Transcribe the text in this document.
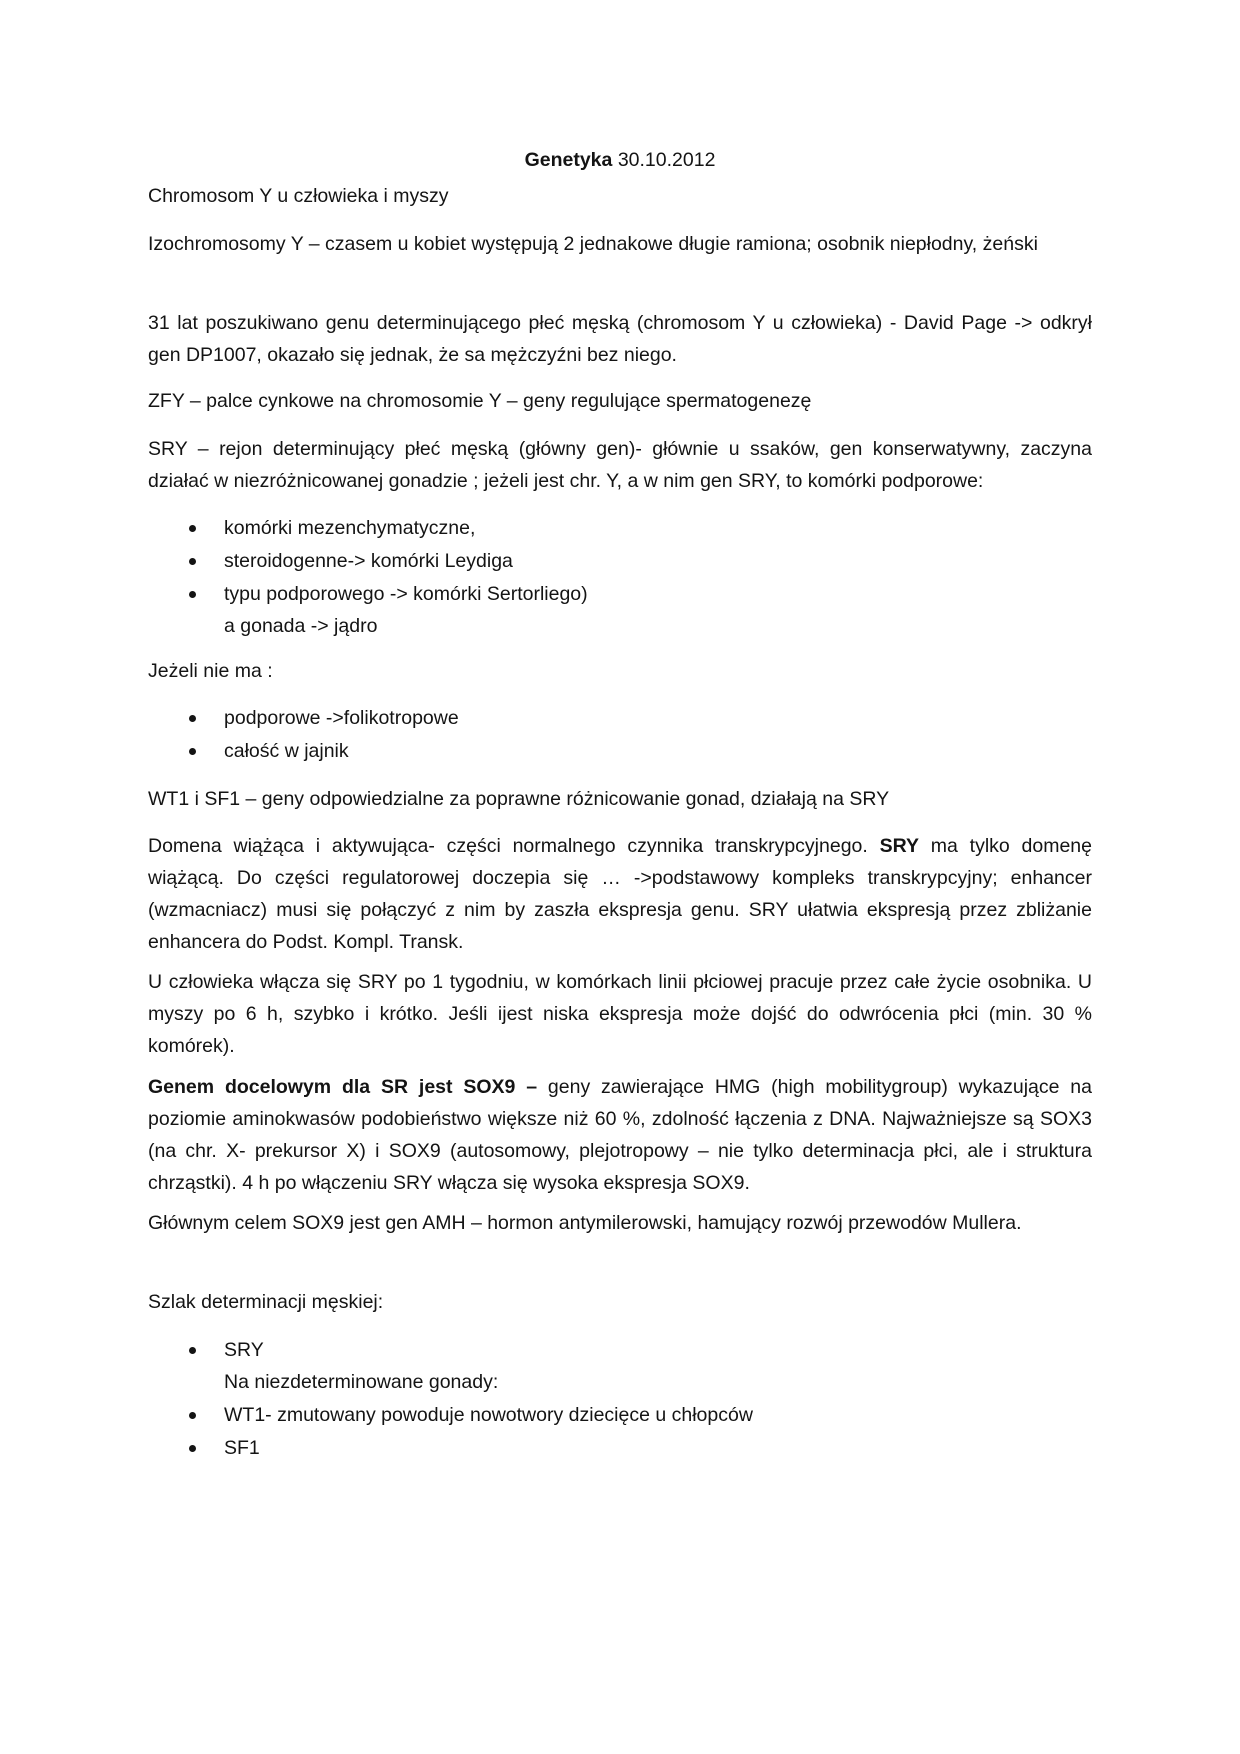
Genetyka 30.10.2012

Chromosom Y u człowieka i myszy

Izochromosomy Y – czasem u kobiet występują 2 jednakowe długie ramiona; osobnik niepłodny, żeński

31 lat poszukiwano genu determinującego płeć męską (chromosom Y u człowieka) - David Page -> odkrył gen DP1007, okazało się jednak, że sa mężczyźni bez niego.

ZFY – palce cynkowe na chromosomie Y – geny regulujące spermatogenezę

SRY – rejon determinujący płeć męską (główny gen)- głównie u ssaków, gen konserwatywny, zaczyna działać w niezróżnicowanej gonadzie ; jeżeli jest chr. Y, a w nim gen SRY, to komórki podporowe:

komórki mezenchymatyczne,
steroidogenne-> komórki Leydiga
typu podporowego -> komórki Sertorliego)
a gonada -> jądro

Jeżeli nie ma :

podporowe ->folikotropowe
całość w jajnik

WT1 i SF1 – geny odpowiedzialne za poprawne różnicowanie gonad, działają na SRY

Domena wiążąca i aktywująca- części normalnego czynnika transkrypcyjnego. SRY ma tylko domenę wiążącą. Do części regulatorowej doczepia się … ->podstawowy kompleks transkrypcyjny; enhancer (wzmacniacz) musi się połączyć z nim by zaszła ekspresja genu. SRY ułatwia ekspresją przez zbliżanie enhancera do Podst. Kompl. Transk.

U człowieka włącza się SRY po 1 tygodniu, w komórkach linii płciowej pracuje przez całe życie osobnika. U myszy po 6 h, szybko i krótko. Jeśli ijest niska ekspresja może dojść do odwrócenia płci (min. 30 % komórek).

Genem docelowym dla SR jest SOX9 – geny zawierające HMG (high mobilitygroup) wykazujące na poziomie aminokwasów podobieństwo większe niż 60 %, zdolność łączenia z DNA. Najważniejsze są SOX3 (na chr. X- prekursor X) i SOX9 (autosomowy, plejotropowy – nie tylko determinacja płci, ale i struktura chrząstki). 4 h po włączeniu SRY włącza się wysoka ekspresja SOX9.

Głównym celem SOX9 jest gen AMH – hormon antymilerowski, hamujący rozwój przewodów Mullera.

Szlak determinacji męskiej:

SRY
Na niezdeterminowane gonady:
WT1- zmutowany powoduje nowotwory dziecięce u chłopców
SF1
